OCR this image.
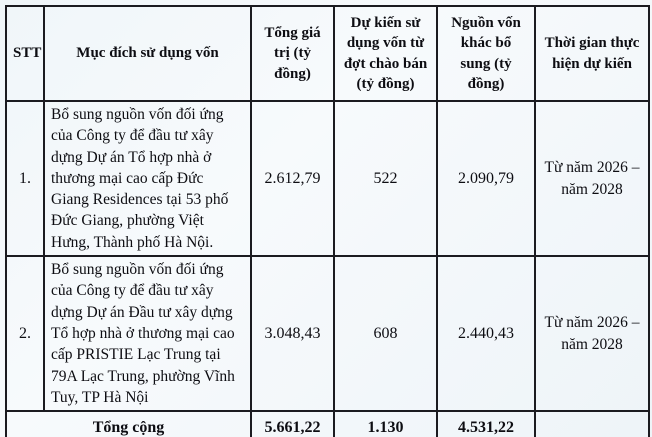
STT	Mục đích sử dụng vốn	Tổng giá trị (tỷ đồng)	Dự kiến sử dụng vốn từ đợt chào bán (tỷ đồng)	Nguồn vốn khác bổ sung (tỷ đồng)	Thời gian thực hiện dự kiến
1.	Bổ sung nguồn vốn đối ứng của Công ty để đầu tư xây dựng Dự án Tổ hợp nhà ở thương mại cao cấp Đức Giang Residences tại 53 phố Đức Giang, phường Việt Hưng, Thành phố Hà Nội.	2.612,79	522	2.090,79	Từ năm 2026 – năm 2028
2.	Bổ sung nguồn vốn đối ứng của Công ty để đầu tư xây dựng Dự án Đầu tư xây dựng Tổ hợp nhà ở thương mại cao cấp PRISTIE Lạc Trung tại 79A Lạc Trung, phường Vĩnh Tuy, TP Hà Nội	3.048,43	608	2.440,43	Từ năm 2026 – năm 2028
Tổng cộng		5.661,22	1.130	4.531,22	
